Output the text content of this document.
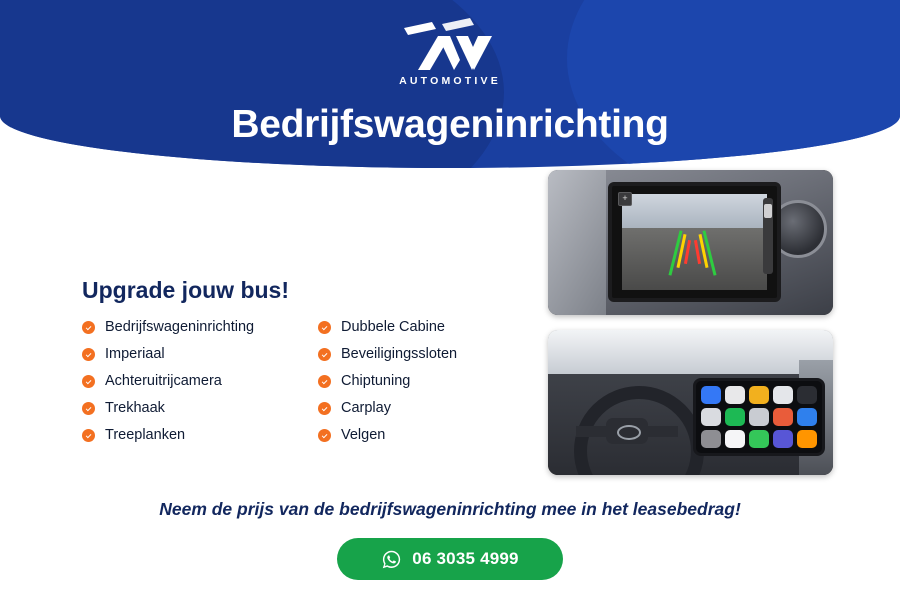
AUTOMOTIVE
Bedrijfswageninrichting
Upgrade jouw bus!
Bedrijfswageninrichting
Imperiaal
Achteruitrijcamera
Trekhaak
Treeplanken
Dubbele Cabine
Beveiligingssloten
Chiptuning
Carplay
Velgen
+
Neem de prijs van de bedrijfswageninrichting mee in het leasebedrag!
06 3035 4999
